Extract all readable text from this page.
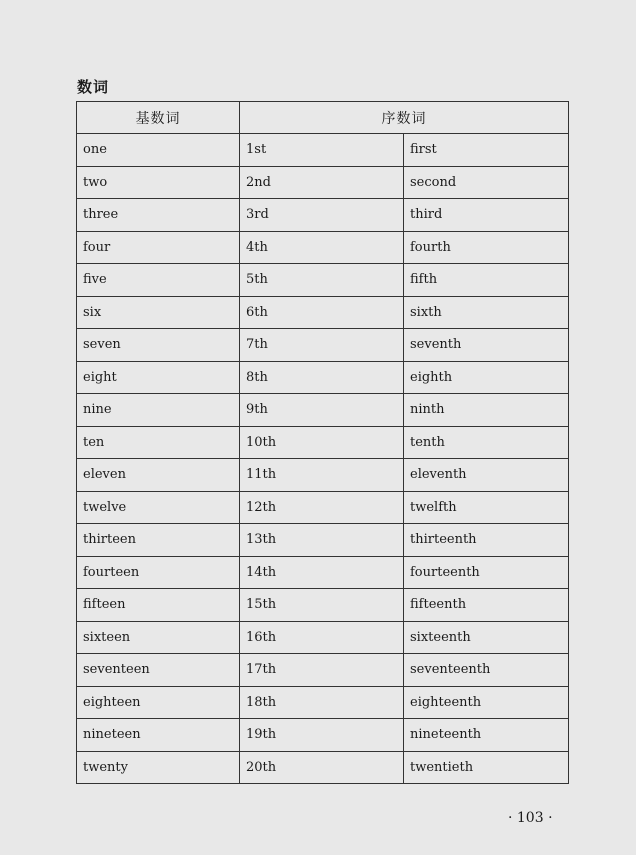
数词
基数词	序数词	
one	1st	first
two	2nd	second
three	3rd	third
four	4th	fourth
five	5th	fifth
six	6th	sixth
seven	7th	seventh
eight	8th	eighth
nine	9th	ninth
ten	10th	tenth
eleven	11th	eleventh
twelve	12th	twelfth
thirteen	13th	thirteenth
fourteen	14th	fourteenth
fifteen	15th	fifteenth
sixteen	16th	sixteenth
seventeen	17th	seventeenth
eighteen	18th	eighteenth
nineteen	19th	nineteenth
twenty	20th	twentieth
· 103 ·
